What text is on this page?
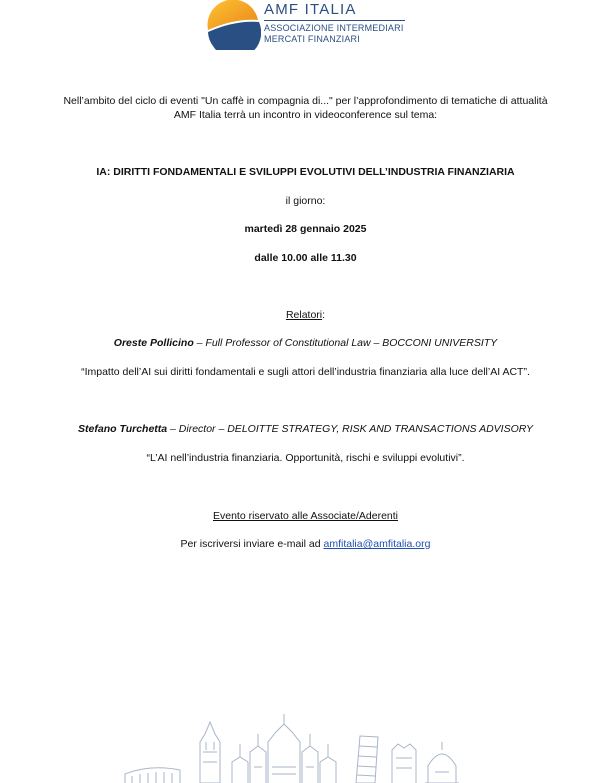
AMF ITALIA
ASSOCIAZIONE INTERMEDIARI
MERCATI FINANZIARI
Nell’ambito del ciclo di eventi "Un caffè in compagnia di..." per l’approfondimento di tematiche di attualità
AMF Italia terrà un incontro in videoconference sul tema:
IA: DIRITTI FONDAMENTALI E SVILUPPI EVOLUTIVI DELL’INDUSTRIA FINANZIARIA
il giorno:
martedì 28 gennaio 2025
dalle 10.00 alle 11.30
Relatori:
Oreste Pollicino – Full Professor of Constitutional Law – BOCCONI UNIVERSITY
“Impatto dell’AI sui diritti fondamentali e sugli attori dell’industria finanziaria alla luce dell’AI ACT”.
Stefano Turchetta – Director – DELOITTE STRATEGY, RISK AND TRANSACTIONS ADVISORY
“L’AI nell’industria finanziaria. Opportunità, rischi e sviluppi evolutivi”.
Evento riservato alle Associate/Aderenti
Per iscriversi inviare e-mail ad amfitalia@amfitalia.org
